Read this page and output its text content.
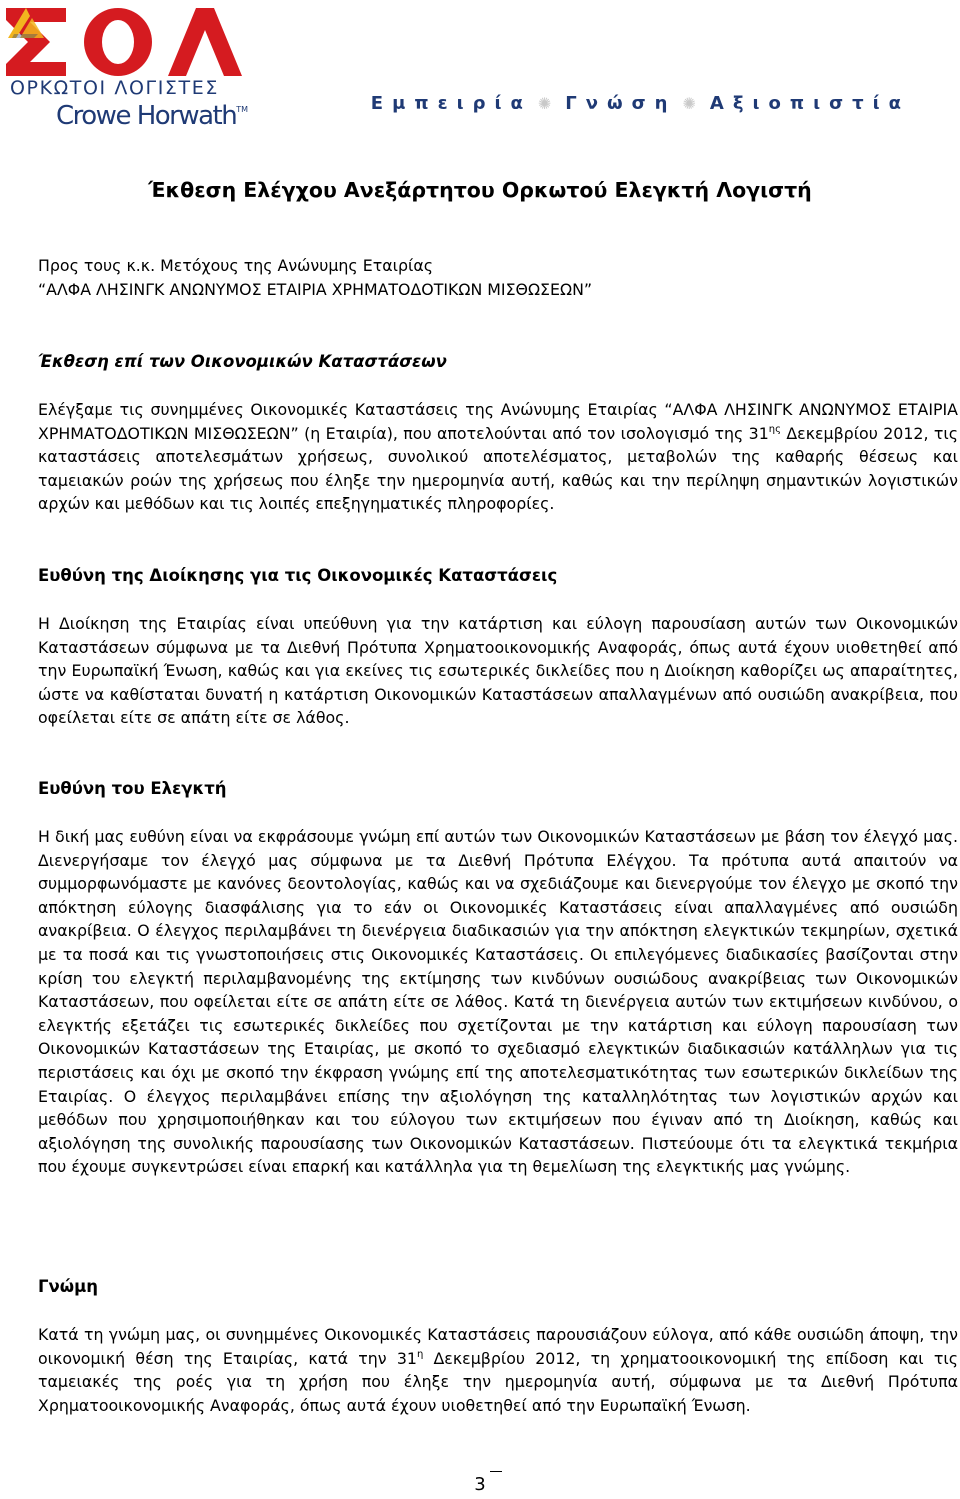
ΟΡΚΩΤΟΙ ΛΟΓΙΣΤΕΣ
Crowe Horwath™	Εμπειρία ✺ Γνώση ✺ Αξιοπιστία
Έκθεση Ελέγχου Ανεξάρτητου Ορκωτού Ελεγκτή Λογιστή
Προς τους κ.κ. Μετόχους της Ανώνυμης Εταιρίας
“ΑΛΦΑ ΛΗΣΙΝΓΚ ΑΝΩΝΥΜΟΣ ΕΤΑΙΡΙΑ ΧΡΗΜΑΤΟΔΟΤΙΚΩΝ ΜΙΣΘΩΣΕΩΝ”
Έκθεση επί των Οικονομικών Καταστάσεων
Ελέγξαμε τις συνημμένες Οικονομικές Καταστάσεις της Ανώνυμης Εταιρίας “ΑΛΦΑ ΛΗΣΙΝΓΚ ΑΝΩΝΥΜΟΣ ΕΤΑΙΡΙΑ ΧΡΗΜΑΤΟΔΟΤΙΚΩΝ ΜΙΣΘΩΣΕΩΝ” (η Εταιρία), που αποτελούνται από τον ισολογισμό της $31^{\eta\varsigma}$ Δεκεμβρίου 2012, τις καταστάσεις αποτελεσμάτων χρήσεως, συνολικού αποτελέσματος, μεταβολών της καθαρής θέσεως και ταμειακών ροών της χρήσεως που έληξε την ημερομηνία αυτή, καθώς και την περίληψη σημαντικών λογιστικών αρχών και μεθόδων και τις λοιπές επεξηγηματικές πληροφορίες.
Ευθύνη της Διοίκησης για τις Οικονομικές Καταστάσεις
Η Διοίκηση της Εταιρίας είναι υπεύθυνη για την κατάρτιση και εύλογη παρουσίαση αυτών των Οικονομικών Καταστάσεων σύμφωνα με τα Διεθνή Πρότυπα Χρηματοοικονομικής Αναφοράς, όπως αυτά έχουν υιοθετηθεί από την Ευρωπαϊκή Ένωση, καθώς και για εκείνες τις εσωτερικές δικλείδες που η Διοίκηση καθορίζει ως απαραίτητες, ώστε να καθίσταται δυνατή η κατάρτιση Οικονομικών Καταστάσεων απαλλαγμένων από ουσιώδη ανακρίβεια, που οφείλεται είτε σε απάτη είτε σε λάθος.
Ευθύνη του Ελεγκτή
Η δική μας ευθύνη είναι να εκφράσουμε γνώμη επί αυτών των Οικονομικών Καταστάσεων με βάση τον έλεγχό μας. Διενεργήσαμε τον έλεγχό μας σύμφωνα με τα Διεθνή Πρότυπα Ελέγχου. Τα πρότυπα αυτά απαιτούν να συμμορφωνόμαστε με κανόνες δεοντολογίας, καθώς και να σχεδιάζουμε και διενεργούμε τον έλεγχο με σκοπό την απόκτηση εύλογης διασφάλισης για το εάν οι Οικονομικές Καταστάσεις είναι απαλλαγμένες από ουσιώδη ανακρίβεια. Ο έλεγχος περιλαμβάνει τη διενέργεια διαδικασιών για την απόκτηση ελεγκτικών τεκμηρίων, σχετικά με τα ποσά και τις γνωστοποιήσεις στις Οικονομικές Καταστάσεις. Οι επιλεγόμενες διαδικασίες βασίζονται στην κρίση του ελεγκτή περιλαμβανομένης της εκτίμησης των κινδύνων ουσιώδους ανακρίβειας των Οικονομικών Καταστάσεων, που οφείλεται είτε σε απάτη είτε σε λάθος. Κατά τη διενέργεια αυτών των εκτιμήσεων κινδύνου, ο ελεγκτής εξετάζει τις εσωτερικές δικλείδες που σχετίζονται με την κατάρτιση και εύλογη παρουσίαση των Οικονομικών Καταστάσεων της Εταιρίας, με σκοπό το σχεδιασμό ελεγκτικών διαδικασιών κατάλληλων για τις περιστάσεις και όχι με σκοπό την έκφραση γνώμης επί της αποτελεσματικότητας των εσωτερικών δικλείδων της Εταιρίας. Ο έλεγχος περιλαμβάνει επίσης την αξιολόγηση της καταλληλότητας των λογιστικών αρχών και μεθόδων που χρησιμοποιήθηκαν και του εύλογου των εκτιμήσεων που έγιναν από τη Διοίκηση, καθώς και αξιολόγηση της συνολικής παρουσίασης των Οικονομικών Καταστάσεων. Πιστεύουμε ότι τα ελεγκτικά τεκμήρια που έχουμε συγκεντρώσει είναι επαρκή και κατάλληλα για τη θεμελίωση της ελεγκτικής μας γνώμης.
Γνώμη
Κατά τη γνώμη μας, οι συνημμένες Οικονομικές Καταστάσεις παρουσιάζουν εύλογα, από κάθε ουσιώδη άποψη, την οικονομική θέση της Εταιρίας, κατά την $31^\eta$ Δεκεμβρίου 2012, τη χρηματοοικονομική της επίδοση και τις ταμειακές της ροές για τη χρήση που έληξε την ημερομηνία αυτή, σύμφωνα με τα Διεθνή Πρότυπα Χρηματοοικονομικής Αναφοράς, όπως αυτά έχουν υιοθετηθεί από την Ευρωπαϊκή Ένωση.
3
